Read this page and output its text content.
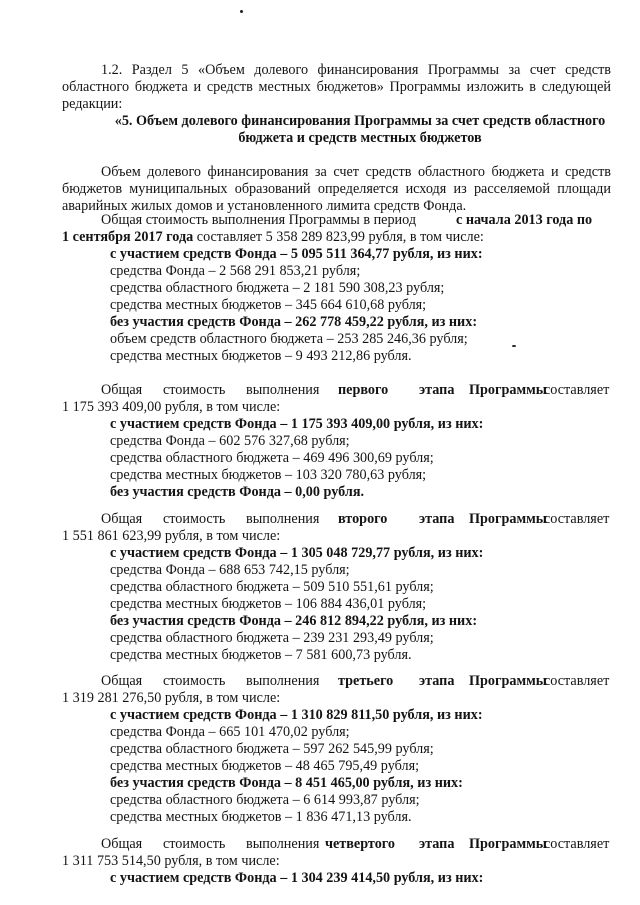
1.2. Раздел 5 «Объем долевого финансирования Программы за счет средств
областного бюджета и средств местных бюджетов» Программы изложить в следующей
редакции:
«5. Объем долевого финансирования Программы за счет средств областного
бюджета и средств местных бюджетов
Объем долевого финансирования за счет средств областного бюджета и средств
бюджетов муниципальных образований определяется исходя из расселяемой площади
аварийных жилых домов и установленного лимита средств Фонда.
Общая стоимость выполнения Программы в период	с начала 2013 года по
1 сентября 2017 года составляет 5 358 289 823,99 рубля, в том числе:
с участием средств Фонда – 5 095 511 364,77 рубля, из них:
средства Фонда – 2 568 291 853,21 рубля;
средства областного бюджета – 2 181 590 308,23 рубля;
средства местных бюджетов – 345 664 610,68 рубля;
без участия средств Фонда – 262 778 459,22 рубля, из них:
объем средств областного бюджета – 253 285 246,36 рубля;
средства местных бюджетов – 9 493 212,86 рубля.
Общая стоимость выполнения первого этапа Программы
составляет
1 175 393 409,00 рубля, в том числе:
с участием средств Фонда – 1 175 393 409,00 рубля, из них:
средства Фонда – 602 576 327,68 рубля;
средства областного бюджета – 469 496 300,69 рубля;
средства местных бюджетов – 103 320 780,63 рубля;
без участия средств Фонда – 0,00 рубля.
Общая стоимость выполнения второго этапа Программы
составляет
1 551 861 623,99 рубля, в том числе:
с участием средств Фонда – 1 305 048 729,77 рубля, из них:
средства Фонда – 688 653 742,15 рубля;
средства областного бюджета – 509 510 551,61 рубля;
средства местных бюджетов – 106 884 436,01 рубля;
без участия средств Фонда – 246 812 894,22 рубля, из них:
средства областного бюджета – 239 231 293,49 рубля;
средства местных бюджетов – 7 581 600,73 рубля.
Общая стоимость выполнения третьего этапа Программы
составляет
1 319 281 276,50 рубля, в том числе:
с участием средств Фонда – 1 310 829 811,50 рубля, из них:
средства Фонда – 665 101 470,02 рубля;
средства областного бюджета – 597 262 545,99 рубля;
средства местных бюджетов – 48 465 795,49 рубля;
без участия средств Фонда – 8 451 465,00 рубля, из них:
средства областного бюджета – 6 614 993,87 рубля;
средства местных бюджетов – 1 836 471,13 рубля.
Общая стоимость выполнения четвертого этапа Программы
составляет
1 311 753 514,50 рубля, в том числе:
с участием средств Фонда – 1 304 239 414,50 рубля, из них:
